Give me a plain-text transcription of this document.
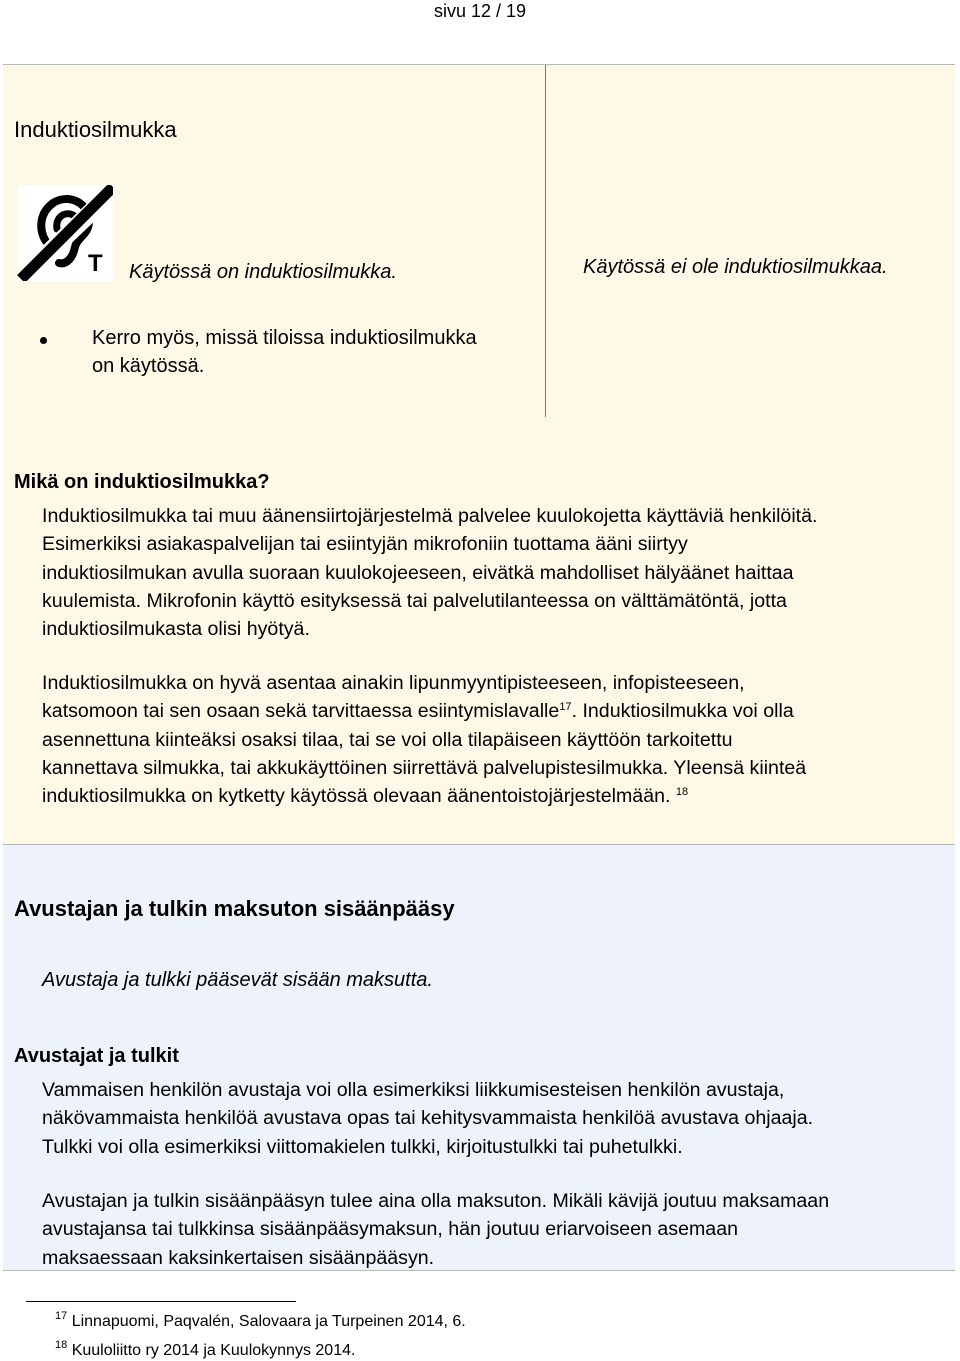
sivu 12 / 19
Induktiosilmukka
T Käytössä on induktiosilmukka.	Käytössä ei ole induktiosilmukkaa.
Kerro myös, missä tiloissa induktiosilmukka
on käytössä.
Mikä on induktiosilmukka?

Induktiosilmukka tai muu äänensiirtojärjestelmä palvelee kuulokojetta käyttäviä henkilöitä.
Esimerkiksi asiakaspalvelijan tai esiintyjän mikrofoniin tuottama ääni siirtyy
induktiosilmukan avulla suoraan kuulokojeeseen, eivätkä mahdolliset hälyäänet haittaa
kuulemista. Mikrofonin käyttö esityksessä tai palvelutilanteessa on välttämätöntä, jotta
induktiosilmukasta olisi hyötyä.

Induktiosilmukka on hyvä asentaa ainakin lipunmyyntipisteeseen, infopisteeseen,
katsomoon tai sen osaan sekä tarvittaessa esiintymislavalle$^{17}$. Induktiosilmukka voi olla
asennettuna kiinteäksi osaksi tilaa, tai se voi olla tilapäiseen käyttöön tarkoitettu
kannettava silmukka, tai akkukäyttöinen siirrettävä palvelupistesilmukka. Yleensä kiinteä
induktiosilmukka on kytketty käytössä olevaan äänentoistojärjestelmään. $^{18}$

Avustajan ja tulkin maksuton sisäänpääsy
Avustaja ja tulkki pääsevät sisään maksutta.
Avustajat ja tulkit

Vammaisen henkilön avustaja voi olla esimerkiksi liikkumisesteisen henkilön avustaja,
näkövammaista henkilöä avustava opas tai kehitysvammaista henkilöä avustava ohjaaja.
Tulkki voi olla esimerkiksi viittomakielen tulkki, kirjoitustulkki tai puhetulkki.

Avustajan ja tulkin sisäänpääsyn tulee aina olla maksuton. Mikäli kävijä joutuu maksamaan
avustajansa tai tulkkinsa sisäänpääsymaksun, hän joutuu eriarvoiseen asemaan
maksaessaan kaksinkertaisen sisäänpääsyn.

$^{17}$ Linnapuomi, Paqvalén, Salovaara ja Turpeinen 2014, 6.
$^{18}$ Kuuloliitto ry 2014 ja Kuulokynnys 2014.
